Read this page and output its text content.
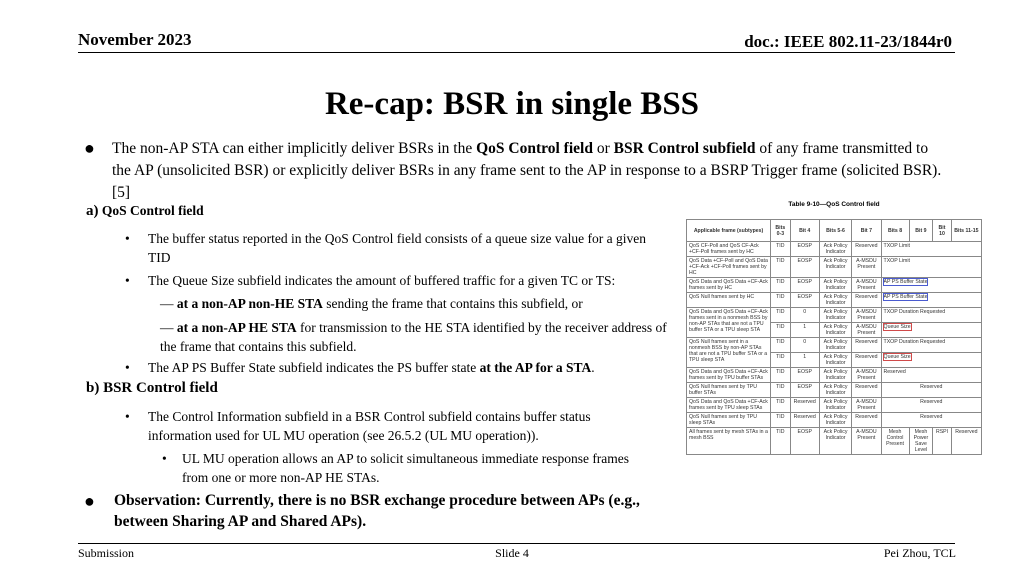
November 2023	doc.: IEEE 802.11-23/1844r0
Re-cap: BSR in single BSS
● The non-AP STA can either implicitly deliver BSRs in the QoS Control field or BSR Control subfield of any frame transmitted to the AP (unsolicited BSR) or explicitly deliver BSRs in any frame sent to the AP in response to a BSRP Trigger frame (solicited BSR). [5]
a) QoS Control field
• The buffer status reported in the QoS Control field consists of a queue size value for a given TID
• The Queue Size subfield indicates the amount of buffered traffic for a given TC or TS:
— at a non-AP non-HE STA sending the frame that contains this subfield, or
— at a non-AP HE STA for transmission to the HE STA identified by the receiver address of the frame that contains this subfield.
• The AP PS Buffer State subfield indicates the PS buffer state at the AP for a STA.
b) BSR Control field
• The Control Information subfield in a BSR Control subfield contains buffer status information used for UL MU operation (see 26.5.2 (UL MU operation)).
• UL MU operation allows an AP to solicit simultaneous immediate response frames from one or more non-AP HE STAs.
● Observation: Currently, there is no BSR exchange procedure between APs (e.g., between Sharing AP and Shared APs).
Table 9-10—QoS Control field
Applicable frame (subtypes)	Bits 0-3	Bit 4	Bits 5-6	Bit 7	Bits 8	Bit 9	Bit 10	Bits 11-15
QoS CF-Poll and QoS CF-Ack +CF-Poll frames sent by HC	TID	EOSP	Ack Policy Indicator	Reserved	TXOP Limit			
QoS Data +CF-Poll and QoS Data +CF-Ack +CF-Poll frames sent by HC	TID	EOSP	Ack Policy Indicator	A-MSDU Present	TXOP Limit			
QoS Data and QoS Data +CF-Ack frames sent by HC	TID	EOSP	Ack Policy Indicator	A-MSDU Present	AP PS Buffer State			
QoS Null frames sent by HC	TID	EOSP	Ack Policy Indicator	Reserved	AP PS Buffer State			
QoS Data and QoS Data +CF-Ack frames sent in a nonmesh BSS by non-AP STAs that are not a TPU buffer STA or a TPU sleep STA	TID	0	Ack Policy Indicator	A-MSDU Present	TXOP Duration Requested			
	TID	1	Ack Policy Indicator	A-MSDU Present	Queue Size			
QoS Null frames sent in a nonmesh BSS by non-AP STAs that are not a TPU buffer STA or a TPU sleep STA	TID	0	Ack Policy Indicator	Reserved	TXOP Duration Requested			
	TID	1	Ack Policy Indicator	Reserved	Queue Size			
QoS Data and QoS Data +CF-Ack frames sent by TPU buffer STAs	TID	EOSP	Ack Policy Indicator	A-MSDU Present	Reserved			
QoS Null frames sent by TPU buffer STAs	TID	EOSP	Ack Policy Indicator	Reserved	Reserved			
QoS Data and QoS Data +CF-Ack frames sent by TPU sleep STAs	TID	Reserved	Ack Policy Indicator	A-MSDU Present	Reserved			
QoS Null frames sent by TPU sleep STAs	TID	Reserved	Ack Policy Indicator	Reserved	Reserved			
All frames sent by mesh STAs in a mesh BSS	TID	EOSP	Ack Policy Indicator	A-MSDU Present	Mesh Control Present	Mesh Power Save Level	RSPI	Reserved
Submission	Slide 4	Pei Zhou, TCL
